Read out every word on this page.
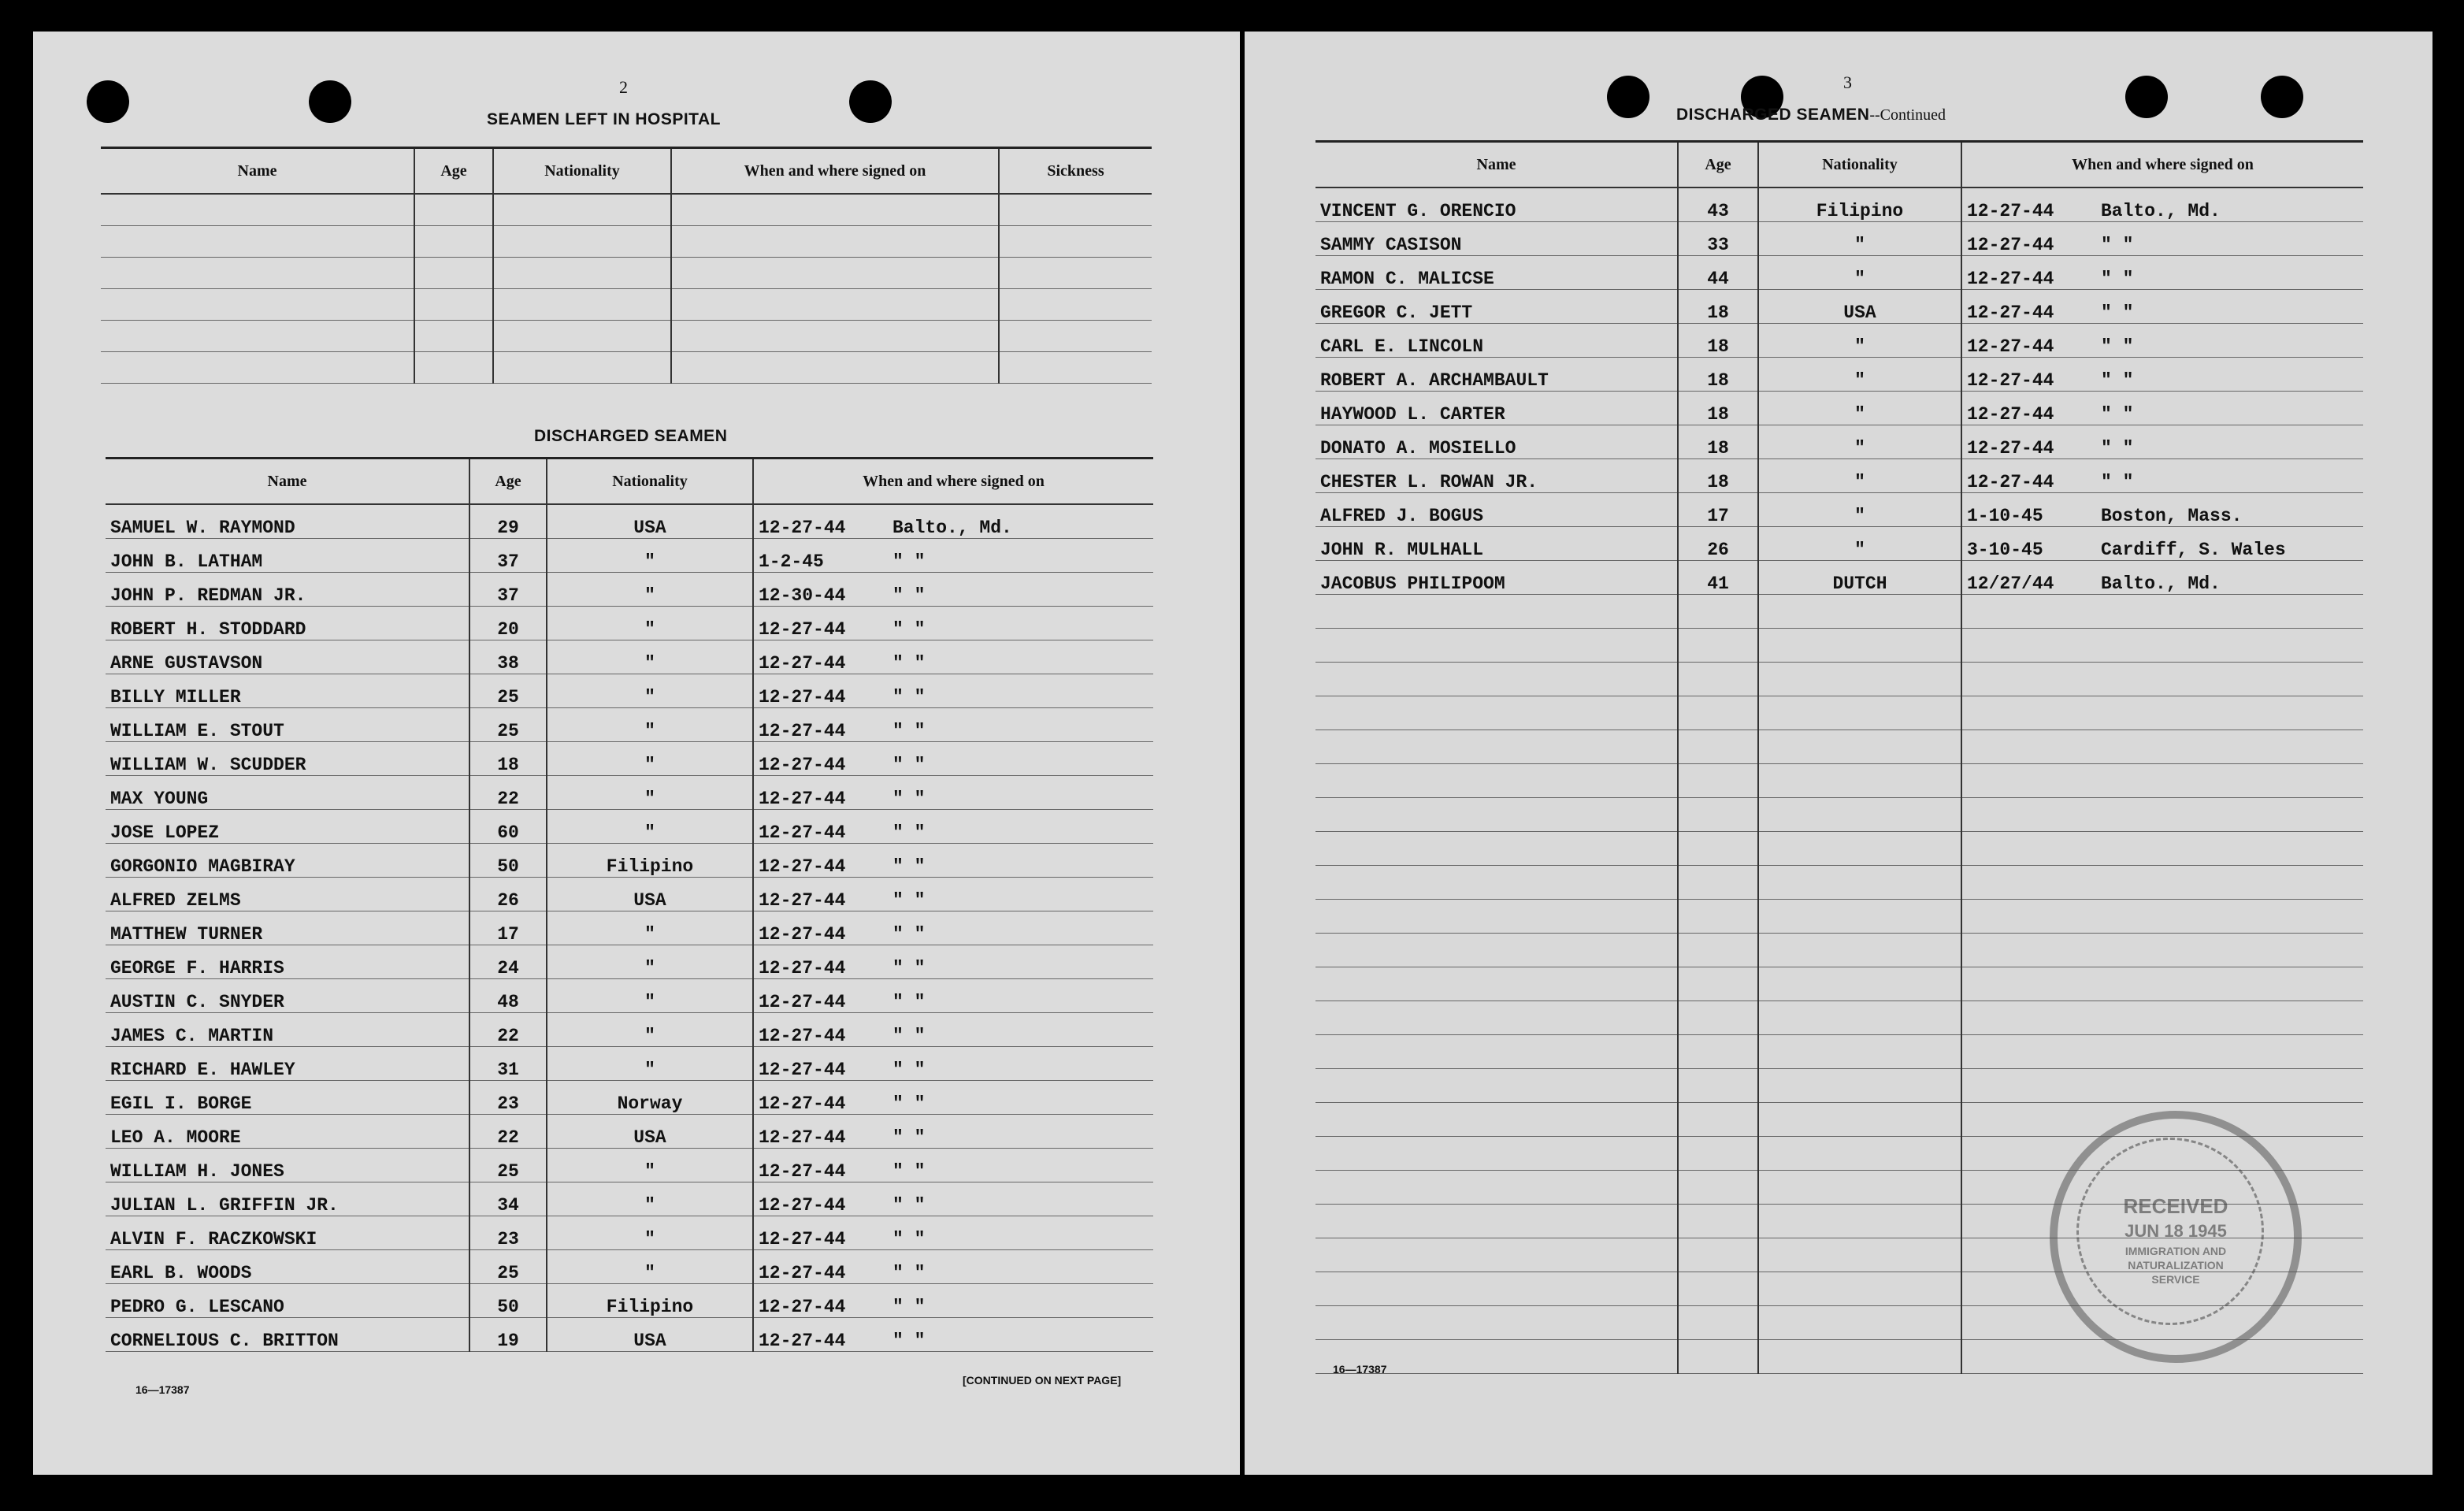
2
SEAMEN LEFT IN HOSPITAL
Name	Age	Nationality	When and where signed on	Sickness

DISCHARGED SEAMEN
Name	Age	Nationality	When and where signed on
SAMUEL W. RAYMOND	29	USA	12-27-44 Balto., Md.
JOHN B. LATHAM	37	"	1-2-45 " "
JOHN P. REDMAN JR.	37	"	12-30-44 " "
ROBERT H. STODDARD	20	"	12-27-44 " "
ARNE GUSTAVSON	38	"	12-27-44 " "
BILLY MILLER	25	"	12-27-44 " "
WILLIAM E. STOUT	25	"	12-27-44 " "
WILLIAM W. SCUDDER	18	"	12-27-44 " "
MAX YOUNG	22	"	12-27-44 " "
JOSE LOPEZ	60	"	12-27-44 " "
GORGONIO MAGBIRAY	50	Filipino	12-27-44 " "
ALFRED ZELMS	26	USA	12-27-44 " "
MATTHEW TURNER	17	"	12-27-44 " "
GEORGE F. HARRIS	24	"	12-27-44 " "
AUSTIN C. SNYDER	48	"	12-27-44 " "
JAMES C. MARTIN	22	"	12-27-44 " "
RICHARD E. HAWLEY	31	"	12-27-44 " "
EGIL I. BORGE	23	Norway	12-27-44 " "
LEO A. MOORE	22	USA	12-27-44 " "
WILLIAM H. JONES	25	"	12-27-44 " "
JULIAN L. GRIFFIN JR.	34	"	12-27-44 " "
ALVIN F. RACZKOWSKI	23	"	12-27-44 " "
EARL B. WOODS	25	"	12-27-44 " "
PEDRO G. LESCANO	50	Filipino	12-27-44 " "
CORNELIOUS C. BRITTON	19	USA	12-27-44 " "
16—17387
[CONTINUED ON NEXT PAGE]
3
DISCHARGED SEAMEN--Continued
Name	Age	Nationality	When and where signed on
VINCENT G. ORENCIO	43	Filipino	12-27-44 Balto., Md.
SAMMY CASISON	33	"	12-27-44 " "
RAMON C. MALICSE	44	"	12-27-44 " "
GREGOR C. JETT	18	USA	12-27-44 " "
CARL E. LINCOLN	18	"	12-27-44 " "
ROBERT A. ARCHAMBAULT	18	"	12-27-44 " "
HAYWOOD L. CARTER	18	"	12-27-44 " "
DONATO A. MOSIELLO	18	"	12-27-44 " "
CHESTER L. ROWAN JR.	18	"	12-27-44 " "
ALFRED J. BOGUS	17	"	1-10-45 Boston, Mass.
JOHN R. MULHALL	26	"	3-10-45 Cardiff, S. Wales
JACOBUS PHILIPOOM	41	DUTCH	12/27/44 Balto., Md.

RECEIVED
JUN 18 1945
IMMIGRATION AND
NATURALIZATION
SERVICE
16—17387
